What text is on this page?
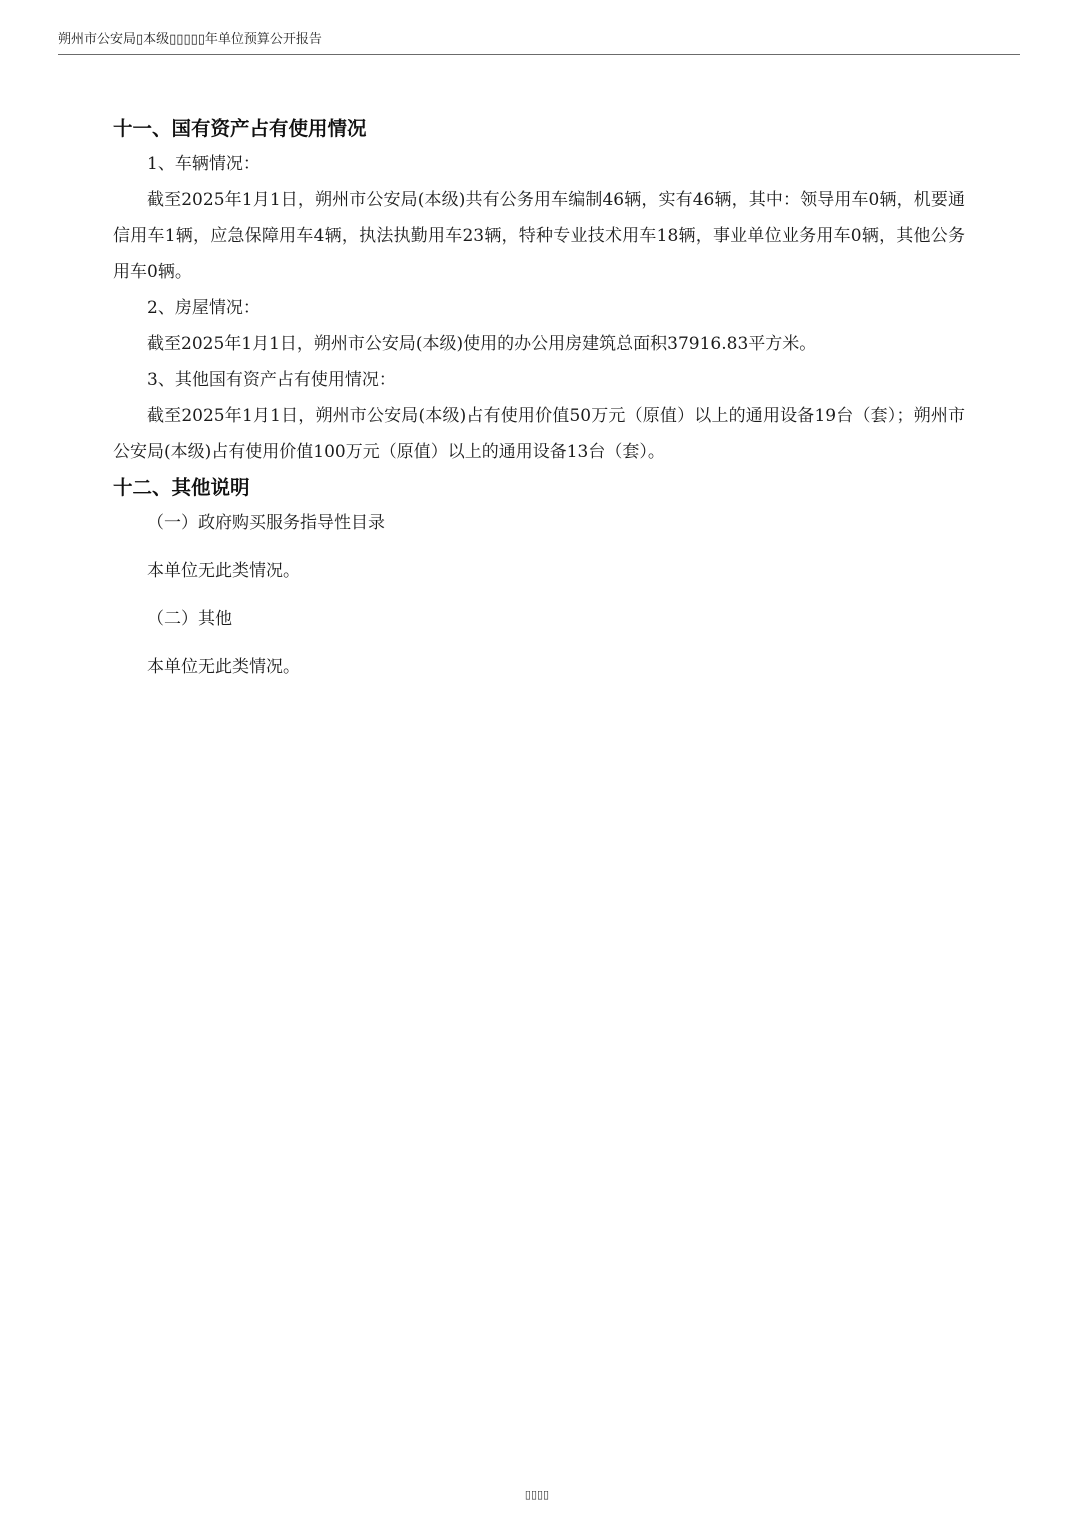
朔州市公安局▯本级▯▯▯▯▯年单位预算公开报告
十一、国有资产占有使用情况

1、车辆情况：

截至2025年1月1日，朔州市公安局(本级)共有公务用车编制46辆，实有46辆，其中：领导用车0辆，机要通信用车1辆，应急保障用车4辆，执法执勤用车23辆，特种专业技术用车18辆，事业单位业务用车0辆，其他公务用车0辆。

2、房屋情况：

截至2025年1月1日，朔州市公安局(本级)使用的办公用房建筑总面积37916.83平方米。

3、其他国有资产占有使用情况：

截至2025年1月1日，朔州市公安局(本级)占有使用价值50万元（原值）以上的通用设备19台（套）；朔州市公安局(本级)占有使用价值100万元（原值）以上的通用设备13台（套）。

十二、其他说明

（一）政府购买服务指导性目录

本单位无此类情况。

（二）其他

本单位无此类情况。

▯▯▯▯
